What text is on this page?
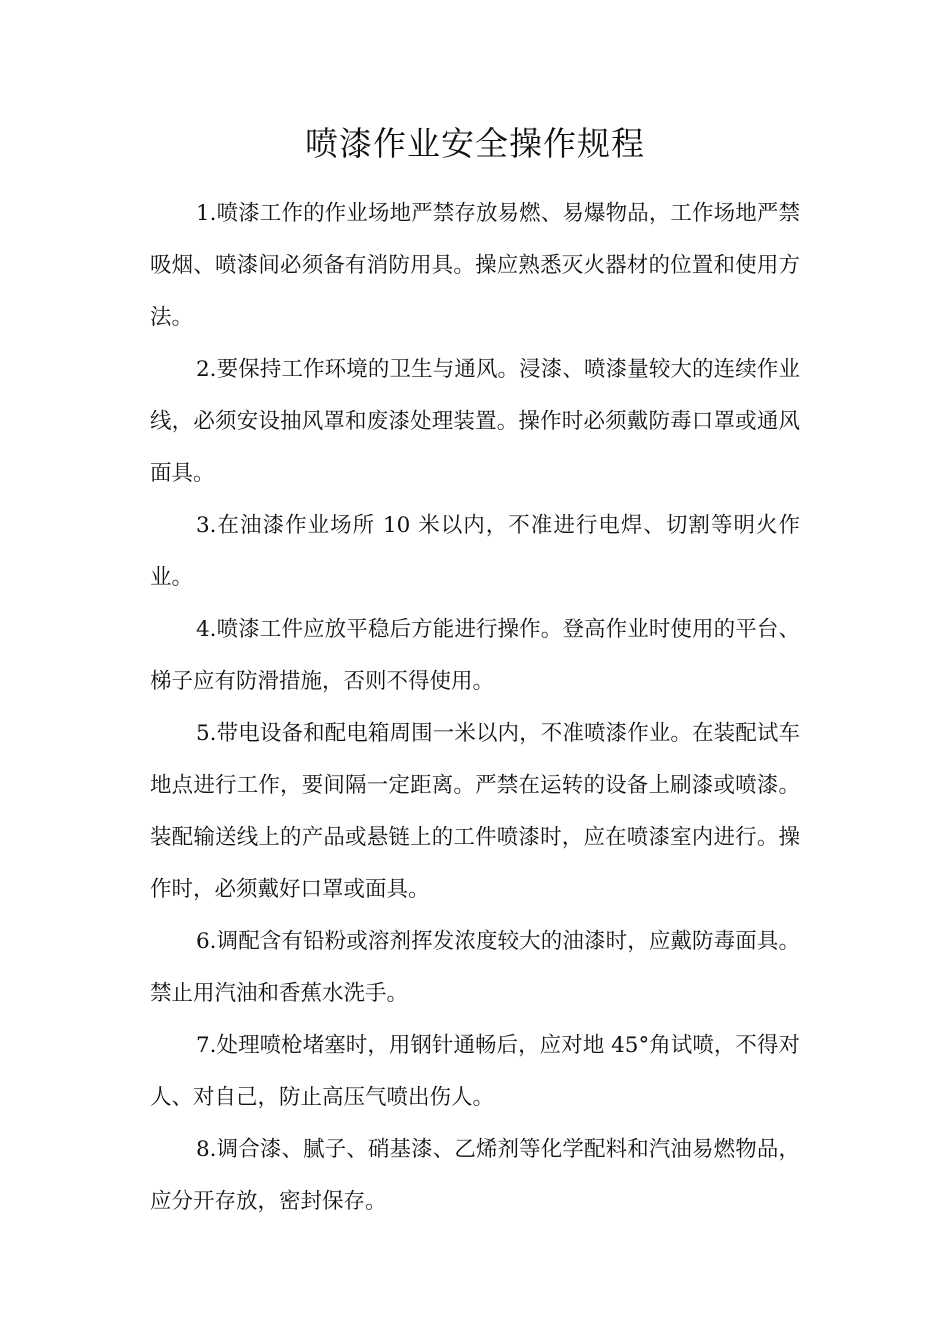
喷漆作业安全操作规程

1.喷漆工作的作业场地严禁存放易燃、易爆物品，工作场地严禁吸烟、喷漆间必须备有消防用具。操应熟悉灭火器材的位置和使用方法。

2.要保持工作环境的卫生与通风。浸漆、喷漆量较大的连续作业线，必须安设抽风罩和废漆处理装置。操作时必须戴防毒口罩或通风面具。

3.在油漆作业场所 10 米以内，不准进行电焊、切割等明火作业。

4.喷漆工件应放平稳后方能进行操作。登高作业时使用的平台、梯子应有防滑措施，否则不得使用。

5.带电设备和配电箱周围一米以内，不准喷漆作业。在装配试车地点进行工作，要间隔一定距离。严禁在运转的设备上刷漆或喷漆。装配输送线上的产品或悬链上的工件喷漆时，应在喷漆室内进行。操作时，必须戴好口罩或面具。

6.调配含有铅粉或溶剂挥发浓度较大的油漆时，应戴防毒面具。禁止用汽油和香蕉水洗手。

7.处理喷枪堵塞时，用钢针通畅后，应对地 45°角试喷，不得对人、对自己，防止高压气喷出伤人。

8.调合漆、腻子、硝基漆、乙烯剂等化学配料和汽油易燃物品，应分开存放，密封保存。
